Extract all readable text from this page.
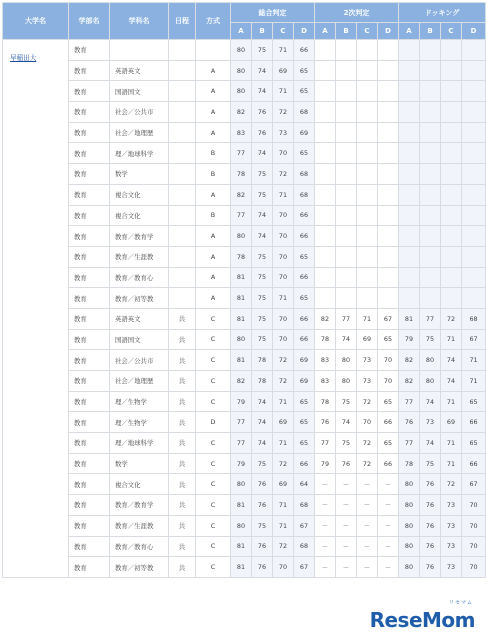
大学名	学部名	学科名	日程	方式	総合判定				2次判定				ドッキング			
					A	B	C	D	A	B	C	D	A	B	C	D
早稲田大	教育				80	75	71	66								
	教育	英語英文		A	80	74	69	65								
	教育	国語国文		A	80	74	71	65								
	教育	社会／公共市		A	82	76	72	68								
	教育	社会／地理歴		A	83	76	73	69								
	教育	理／地球科学		B	77	74	70	65								
	教育	数学		B	78	75	72	68								
	教育	複合文化		A	82	75	71	68								
	教育	複合文化		B	77	74	70	66								
	教育	教育／教育学		A	80	74	70	66								
	教育	教育／生涯教		A	78	75	70	65								
	教育	教育／教育心		A	81	75	70	66								
	教育	教育／初等教		A	81	75	71	65								
	教育	英語英文	共	C	81	75	70	66	82	77	71	67	81	77	72	68
	教育	国語国文	共	C	80	75	70	66	78	74	69	65	79	75	71	67
	教育	社会／公共市	共	C	81	78	72	69	83	80	73	70	82	80	74	71
	教育	社会／地理歴	共	C	82	78	72	69	83	80	73	70	82	80	74	71
	教育	理／生物学	共	C	79	74	71	65	78	75	72	65	77	74	71	65
	教育	理／生物学	共	D	77	74	69	65	76	74	70	66	76	73	69	66
	教育	理／地球科学	共	C	77	74	71	65	77	75	72	65	77	74	71	65
	教育	数学	共	C	79	75	72	66	79	76	72	66	78	75	71	66
	教育	複合文化	共	C	80	76	69	64	－	－	－	－	80	76	72	67
	教育	教育／教育学	共	C	81	76	71	68	－	－	－	－	80	76	73	70
	教育	教育／生涯教	共	C	80	75	71	67	－	－	－	－	80	76	73	70
	教育	教育／教育心	共	C	81	76	72	68	－	－	－	－	80	76	73	70
	教育	教育／初等教	共	C	81	76	70	67	－	－	－	－	80	76	73	70
リセマム
ReseMom
